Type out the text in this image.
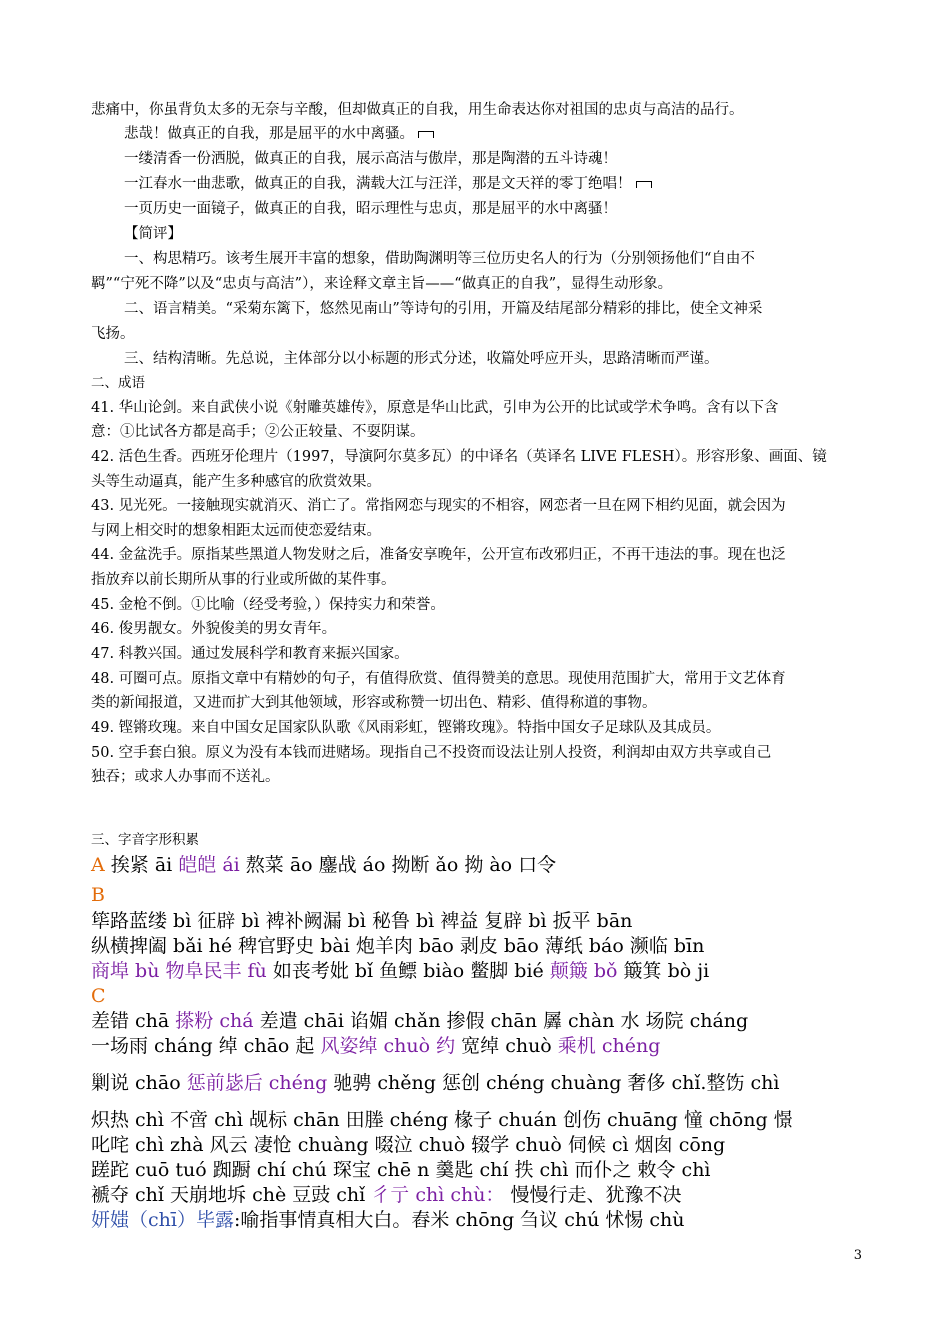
悲痛中，你虽背负太多的无奈与辛酸，但却做真正的自我，用生命表达你对祖国的忠贞与高洁的品行。
悲哉！做真正的自我，那是屈平的水中离骚。
一缕清香一份洒脱，做真正的自我，展示高洁与傲岸，那是陶潜的五斗诗魂！
一江春水一曲悲歌，做真正的自我，满载大江与汪洋，那是文天祥的零丁绝唱！
一页历史一面镜子，做真正的自我，昭示理性与忠贞，那是屈平的水中离骚！
【简评】
一、构思精巧。该考生展开丰富的想象，借助陶渊明等三位历史名人的行为（分别领扬他们“自由不
羁”“宁死不降”以及“忠贞与高洁”），来诠释文章主旨——“做真正的自我”，显得生动形象。
二、语言精美。“采菊东篱下，悠然见南山”等诗句的引用，开篇及结尾部分精彩的排比，使全文神采
飞扬。
三、结构清晰。先总说，主体部分以小标题的形式分述，收篇处呼应开头，思路清晰而严谨。
二、成语
41. 华山论剑。来自武侠小说《射雕英雄传》，原意是华山比武，引申为公开的比试或学术争鸣。含有以下含
意：①比试各方都是高手；②公正较量、不耍阴谋。
42. 活色生香。西班牙伦理片（1997，导演阿尔莫多瓦）的中译名（英译名 LIVE FLESH）。形容形象、画面、镜
头等生动逼真，能产生多种感官的欣赏效果。
43. 见光死。一接触现实就消灭、消亡了。常指网恋与现实的不相容，网恋者一旦在网下相约见面，就会因为
与网上相交时的想象相距太远而使恋爱结束。
44. 金盆洗手。原指某些黑道人物发财之后，准备安享晚年，公开宣布改邪归正，不再干违法的事。现在也泛
指放弃以前长期所从事的行业或所做的某件事。
45. 金枪不倒。①比喻（经受考验，）保持实力和荣誉。
46. 俊男靓女。外貌俊美的男女青年。
47. 科教兴国。通过发展科学和教育来振兴国家。
48. 可圈可点。原指文章中有精妙的句子，有值得欣赏、值得赞美的意思。现使用范围扩大，常用于文艺体育
类的新闻报道，又进而扩大到其他领域，形容或称赞一切出色、精彩、值得称道的事物。
49. 铿锵玫瑰。来自中国女足国家队队歌《风雨彩虹，铿锵玫瑰》。特指中国女子足球队及其成员。
50. 空手套白狼。原义为没有本钱而进赌场。现指自己不投资而设法让别人投资，利润却由双方共享或自己
独吞；或求人办事而不送礼。
三、字音字形积累
A 挨紧 āi 皑皑 ái 熬菜 āo 鏖战 áo 拗断 ǎo 拗 ào 口令
B
筚路蓝缕 bì 征辟 bì 裨补阙漏 bì 秘鲁 bì 裨益 复辟 bì 扳平 bān
纵横捭阖 bǎi hé 稗官野史 bài 炮羊肉 bāo 剥皮 bāo 薄纸 báo 濒临 bīn
商埠 bù 物阜民丰 fù 如丧考妣 bǐ 鱼鳔 biào 鳖脚 bié 颠簸 bǒ 簸箕 bò ji
C
差错 chā 搽粉 chá 差遣 chāi 谄媚 chǎn 掺假 chān 羼 chàn 水 场院 cháng
一场雨 cháng 绰 chāo 起 风姿绰 chuò 约 宽绰 chuò 乘机 chéng
剿说 chāo 惩前毖后 chéng 驰骋 chěng 惩创 chéng chuàng 奢侈 chǐ.整饬 chì
炽热 chì 不啻 chì 觇标 chān 田塍 chéng 椽子 chuán 创伤 chuāng 憧 chōng 憬
叱咤 chì zhà 风云 凄怆 chuàng 啜泣 chuò 辍学 chuò 伺候 cì 烟囱 cōng
蹉跎 cuō tuó 踟蹰 chí chú 琛宝 chē n 羹匙 chí 抶 chì 而仆之 敕令 chì
褫夺 chǐ 天崩地坼 chè 豆豉 chǐ 彳亍 chì chù： 慢慢行走、犹豫不决
妍媸（chī）毕露:喻指事情真相大白。舂米 chōng 刍议 chú 怵惕 chù
3
